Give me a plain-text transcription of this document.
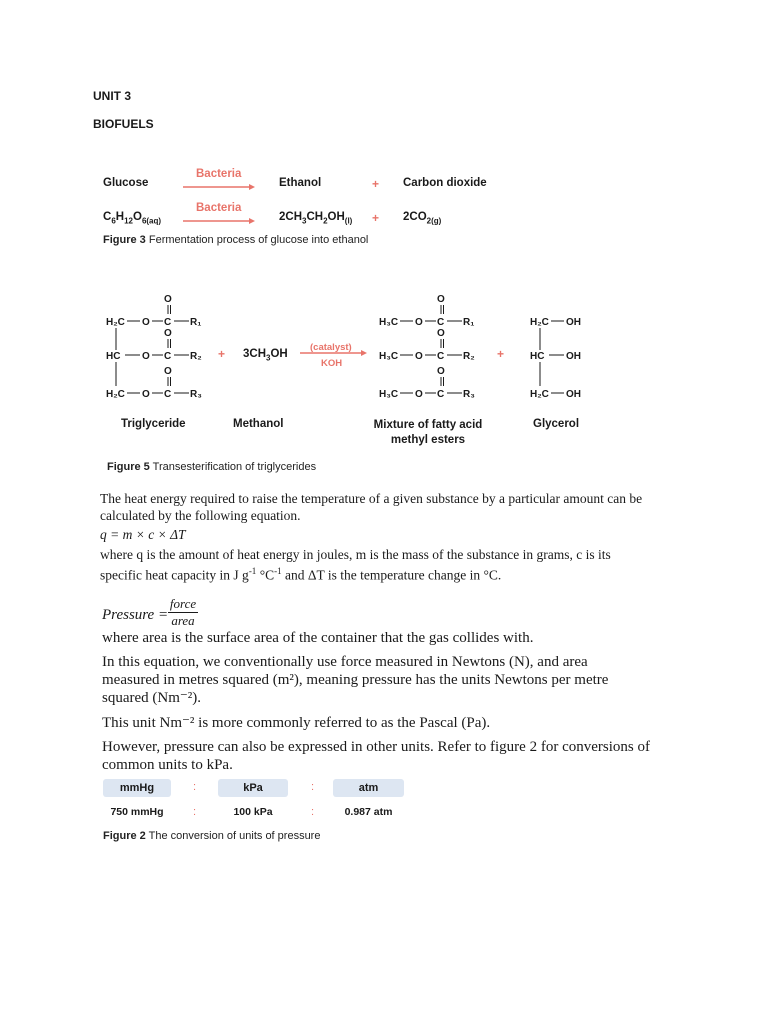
UNIT 3
BIOFUELS
Glucose
Bacteria
Ethanol	+ Carbon dioxide
$C_6H_{12}O_{6(aq)}$
Bacteria
$2CH_3CH_2OH_{(l)} + 2CO_{2(g)}$
Figure 3 Fermentation process of glucose into ethanol
H₂C O C
O
R₁
HC O C
O
R₂
H₂C O C
O
R₃
H₃C O C
O
R₁
H₃C O C
O
R₂
H₃C O C
O
R₃
H₂C OH
HC OH
H₂C OH
+ $3CH_3OH$
(catalyst)
KOH
+
Triglyceride	Methanol	Mixture of fatty acid
methyl esters
Glycerol
Figure 5 Transesterification of triglycerides
The heat energy required to raise the temperature of a given substance by a particular amount can be calculated by the following equation.
q = m × c × ΔT
where q is the amount of heat energy in joules, m is the mass of the substance in grams, c is its specific heat capacity in J $g^{-1}$ $^\circ C^{-1}$ and ΔT is the temperature change in °C.
Pressure =
force
area
where area is the surface area of the container that the gas collides with.
In this equation, we conventionally use force measured in Newtons (N), and area measured in metres squared (m²), meaning pressure has the units Newtons per metre squared (Nm⁻²).
This unit Nm⁻² is more commonly referred to as the Pascal (Pa).
However, pressure can also be expressed in other units. Refer to figure 2 for conversions of common units to kPa.
mmHg	:	kPa	:	atm
750 mmHg	:	100 kPa	:	0.987 atm
Figure 2 The conversion of units of pressure
